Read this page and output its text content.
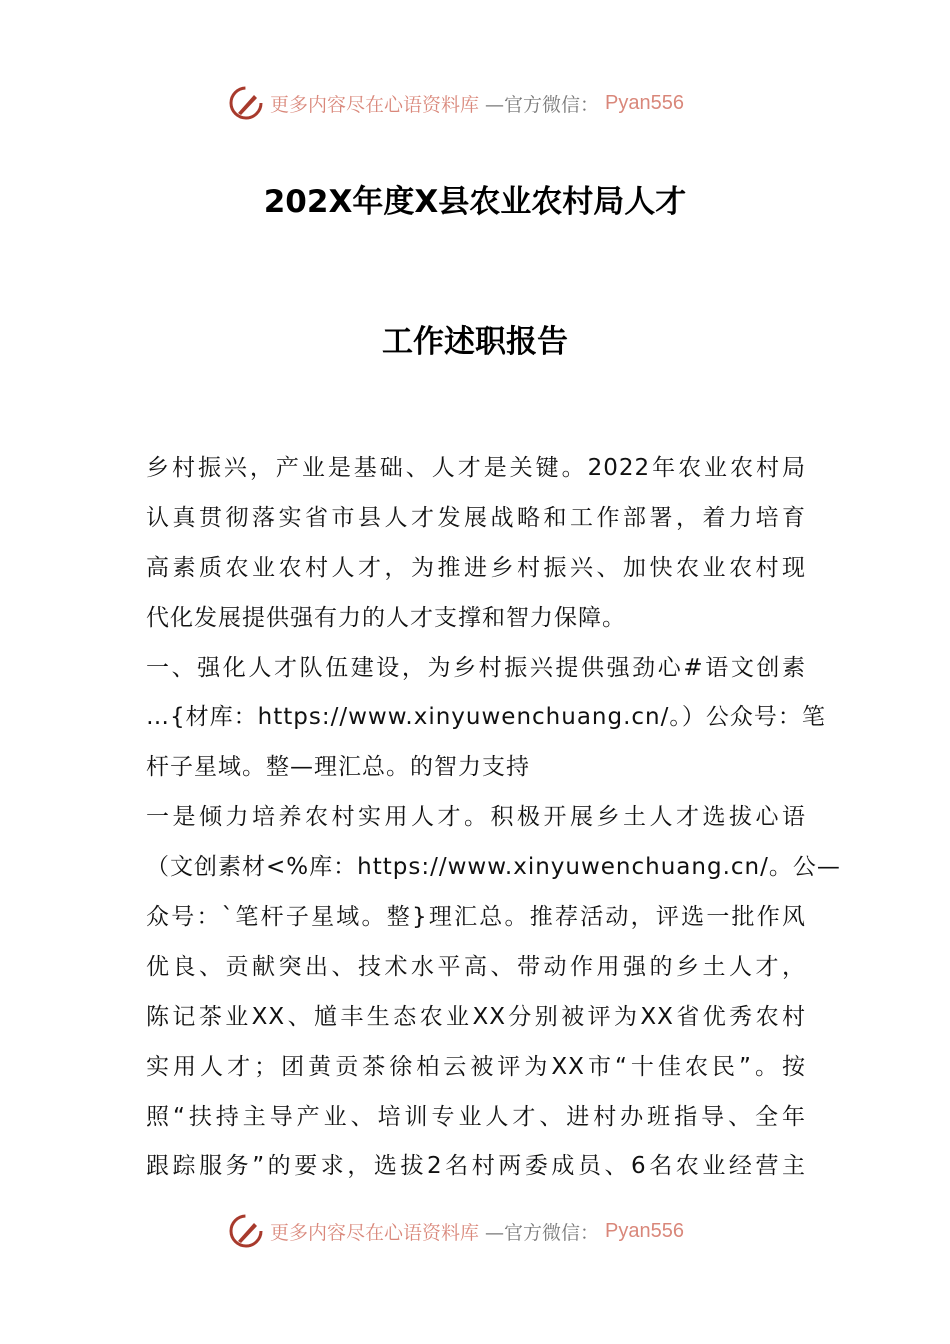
更多内容尽在心语资料库 —官方微信： Pyan556
202X年度X县农业农村局人才
工作述职报告
乡村振兴，产业是基础、人才是关键。2022年农业农村局
认真贯彻落实省市县人才发展战略和工作部署，着力培育
高素质农业农村人才，为推进乡村振兴、加快农业农村现
代化发展提供强有力的人才支撑和智力保障。
一、强化人才队伍建设，为乡村振兴提供强劲心#语文创素
…{材库：https://www.xinyuwenchuang.cn/。）公众号：笔
杆子星域。整—理汇总。的智力支持
一是倾力培养农村实用人才。积极开展乡土人才选拔心语
（文创素材<%库：https://www.xinyuwenchuang.cn/。公—
众号：`笔杆子星域。整}理汇总。推荐活动，评选一批作风
优良、贡献突出、技术水平高、带动作用强的乡土人才，
陈记茶业XX、馗丰生态农业XX分别被评为XX省优秀农村
实用人才；团黄贡茶徐柏云被评为XX市“十佳农民”。按
照“扶持主导产业、培训专业人才、进村办班指导、全年
跟踪服务”的要求，选拔2名村两委成员、6名农业经营主
更多内容尽在心语资料库 —官方微信： Pyan556
